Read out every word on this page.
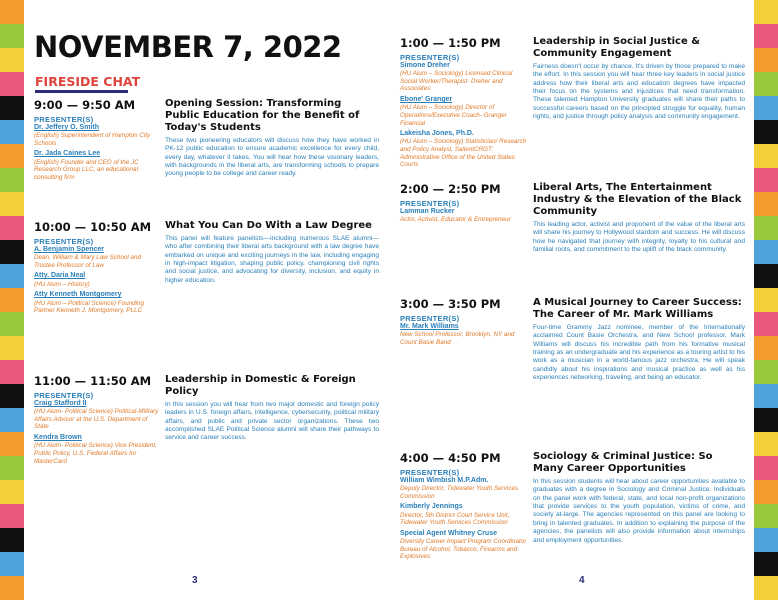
NOVEMBER 7, 2022
FIRESIDE CHAT
9:00 — 9:50 AM
PRESENTER(S)
Dr. Jeffery O. Smith
(English) Superintendent of Hampton City Schools
Dr. Jada Caines Lee
(English) Founder and CEO of the JC Research Group LLC, an educational consulting firm
Opening Session: Transforming Public Education for the Benefit of Today's Students
These two pioneering educators will discuss how they have worked in PK-12 public education to ensure academic excellence for every child, every day, whatever it takes. You will hear how these visionary leaders, with backgrounds in the liberal arts, are transforming schools to prepare young people to be college and career ready.
10:00 — 10:50 AM
PRESENTER(S)
A. Benjamin Spencer
Dean, William & Mary Law School and Trustee Professor of Law
Atty. Daria Neal
(HU Alum – History)
Atty Kenneth Montgomery
(HU Alum – Political Science) Founding Partner Kenneth J. Montgomery, PLLC
What You Can Do With a Law Degree
This panel will feature panelists—including numerous SLAE alumni—who after combining their liberal arts background with a law degree have embarked on unique and exciting journeys in the law, including engaging in high-impact litigation, shaping public policy, championing civil rights and social justice, and advocating for diversity, inclusion, and equity in higher education.
11:00 — 11:50 AM
PRESENTER(S)
Craig Stafford II
(HU Alum- Political Science) Political-Military Affairs Advisor at the U.S. Department of State
Kendra Brown
(HU Alum- Political Science) Vice President, Public Policy, U.S. Federal Affairs for MasterCard
Leadership in Domestic & Foreign Policy
In this session you will hear from two major domestic and foreign policy leaders in U.S. foreign affairs, intelligence, cybersecurity, political military affairs, and public and private sector organizations. These two accomplished SLAE Political Science alumni will share their pathways to service and career success.
3
1:00 — 1:50 PM
PRESENTER(S)
Simone Dreher
(HU Alum – Sociology) Licensed Clinical Social Worker/Therapist- Dreher and Associates
Ebone' Granger
(HU Alum – Sociology) Director of Operations/Executive Coach- Granger Financial
Lakeisha Jones, Ph.D.
(HU Alum – Sociology) Statistician/ Research and Policy Analyst, SalientCRGT: Administrative Office of the United States Courts
Leadership in Social Justice & Community Engagement
Fairness doesn't occur by chance. It's driven by those prepared to make the effort. In this session you will hear three key leaders in social justice address how their liberal arts and education degrees have impacted their focus on the systems and injustices that need transformation. These talented Hampton University graduates will share their paths to successful careers based on the principled struggle for equality, human rights, and justice through policy analysis and community engagement.
2:00 — 2:50 PM
PRESENTER(S)
Lamman Rucker
Actor, Activist, Educator & Entrepreneur
Liberal Arts, The Entertainment Industry & the Elevation of the Black Community
This leading actor, activist and proponent of the value of the liberal arts will share his journey to Hollywood stardom and success. He will discuss how he navigated that journey with integrity, loyalty to his cultural and familial roots, and commitment to the uplift of the black community.
3:00 — 3:50 PM
PRESENTER(S)
Mr. Mark Williams
New School Professor, Brooklyn, NY and Count Basie Band
A Musical Journey to Career Success: The Career of Mr. Mark Williams
Four-time Grammy Jazz nominee, member of the Internationally acclaimed Count Basie Orchestra, and New School professor, Mark Williams will discuss his incredible path from his formative musical training as an undergraduate and his experience as a touring artist to his work as a musician in a world-famous jazz orchestra. He will speak candidly about his inspirations and musical practice as well as his experiences networking, traveling, and being an educator.
4:00 — 4:50 PM
PRESENTER(S)
William Wimbish M.P.Adm.
Deputy Director, Tidewater Youth Services Commission
Kimberly Jennings
Director, 5th District Court Service Unit, Tidewater Youth Services Commission
Special Agent Whitney Cruse
Diversity Career Impact Program Coordinator Bureau of Alcohol, Tobacco, Firearms and Explosives
Sociology & Criminal Justice: So Many Career Opportunities
In this session students will hear about career opportunities available to graduates with a degree in Sociology and Criminal Justice. Individuals on the panel work with federal, state, and local non-profit organizations that provide services to the youth population, victims of crime, and society at-large. The agencies represented on this panel are looking to bring in talented graduates. In addition to explaining the purpose of the agencies, the panelists will also provide information about internships and employment opportunities.
4
